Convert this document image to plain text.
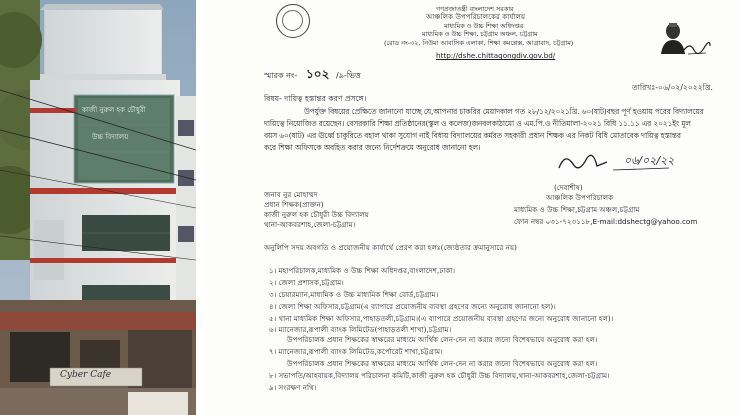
কাজী নুরুল হক চৌধুরী
উচ্চ বিদ্যালয়
Cyber Cafe
গণপ্রজাতন্ত্রী বাংলাদেশ সরকার
আঞ্চলিক উপপরিচালকের কার্যালয়
মাধ্যমিক ও উচ্চ শিক্ষা অধিদপ্তর
মাধ্যমিক ও উচ্চ শিক্ষা, চট্টগ্রাম অঞ্চল, চট্টগ্রাম
(রোড নং-৩২, নিউমা আবাসিক এলাকা, শিক্ষা কমপ্লেক্স, আগ্রাবাদ, চট্টগ্রাম)
http://dshe.chittagongdiv.gov.bd/
স্মারক নং- ১০২ /৯-ভিত্ত
তারিখঃ-০৬/০২/২০২২খ্রি.
বিষয়- দায়িত্ব হস্তান্তর করণ প্রসঙ্গে।
উপর্যুক্ত বিষয়ের প্রেক্ষিতে জানানো যাচ্ছে যে,আপনার চাকরির মেয়াদকাল গত ২৮/১২/২০২১খ্রি. ৬০(ষাট)বছর পূর্ণ হওয়ায় পরের বিদ্যালয়ের
দায়িত্বে নিয়োজিত রয়েছেন। বেসরকারি শিক্ষা প্রতিষ্ঠানের(স্কুল ও কলেজ)জনবলকাঠামো ও এম.পি.ও নীতিমালা-২০২১ বিধি ১১.১১ এর ২০২১ইং মূল
বয়স ৬০(ষাট) এর ঊর্ধ্বে চাকুরিতে বহাল থাকা সুযোগ নাই বিধায় বিদ্যালয়ের কর্মরত সহকারী প্রধান শিক্ষক এর নিকট বিধি মোতাবেক দায়িত্ব হস্তান্তর
করে শিক্ষা অফিসকে অবহিত করার জন্যে নির্দেশক্রমে অনুরোধ জানানো হল।
০৬/০২/২২
জনাব নুর মোহাম্মদ
প্রধান শিক্ষক(প্রাক্তন)
কাজী নুরুল হক চৌধুরী উচ্চ বিদ্যালয়
থানা-আকবরশাহ,জেলা-চট্টগ্রাম।
(দেবাশীষ)
আঞ্চলিক উপপরিচালক
মাধ্যমিক ও উচ্চ শিক্ষা,চট্টগ্রাম অঞ্চল,চট্টগ্রাম
ফোন নম্বর ০৩১-৭২৩১১৮,E-mail:ddshectg@yahoo.com
অনুলিপি সদয় অবগতি ও প্রয়োজনীয় কার্যার্থে প্রেরণ করা হলঃ(জ্যেষ্ঠতার ক্রমানুসারে নয়)
১। মহাপরিচালক,মাধ্যমিক ও উচ্চ শিক্ষা অধিদপ্তর,বাংলাদেশ,ঢাকা।
২। জেলা প্রশাসক,চট্টগ্রাম।
৩। চেয়ারম্যান,মাধ্যমিক ও উচ্চ মাধ্যমিক শিক্ষা বোর্ড,চট্টগ্রাম।
৪। জেলা শিক্ষা অফিসার,চট্টগ্রাম(এ ব্যাপারে প্রয়োজনীয় ব্যবস্থা গ্রহণের জন্যে অনুরোধ জানানো হল)।
৫। থানা মাধ্যমিক শিক্ষা অফিসার,পাহাড়তলী,চট্টগ্রাম।(এ ব্যাপারে প্রয়োজনীয় ব্যবস্থা গ্রহণের জন্যে অনুরোধ জানানো হল)।
৬। ম্যানেজার,রূপালী ব্যাংক লিমিটেড(পাহাড়তলী শাখা),চট্টগ্রাম।
উপপরিচালক প্রধান শিক্ষকের স্বাক্ষরের মাধ্যমে আর্থিক লেন-দেন না করার জন্যে বিশেষভাবে অনুরোধ করা হল।
৭। ম্যানেজার,রূপালী ব্যাংক লিমিটেড,কর্পোরেট শাখা,চট্টগ্রাম।
উপপরিচালক প্রধান শিক্ষকের স্বাক্ষরের মাধ্যমে আর্থিক লেন-দেন না করার জন্যে বিশেষভাবে অনুরোধ করা হল।
৮। সভাপতি/আহবায়ক,বিদ্যালয় পরিচালনা কমিটি,কাজী নুরুল হক চৌধুরী উচ্চ বিদ্যালয়,থানা-আকবরশাহ,জেলা-চট্টগ্রাম।
৯। সংরক্ষণ নথি।
